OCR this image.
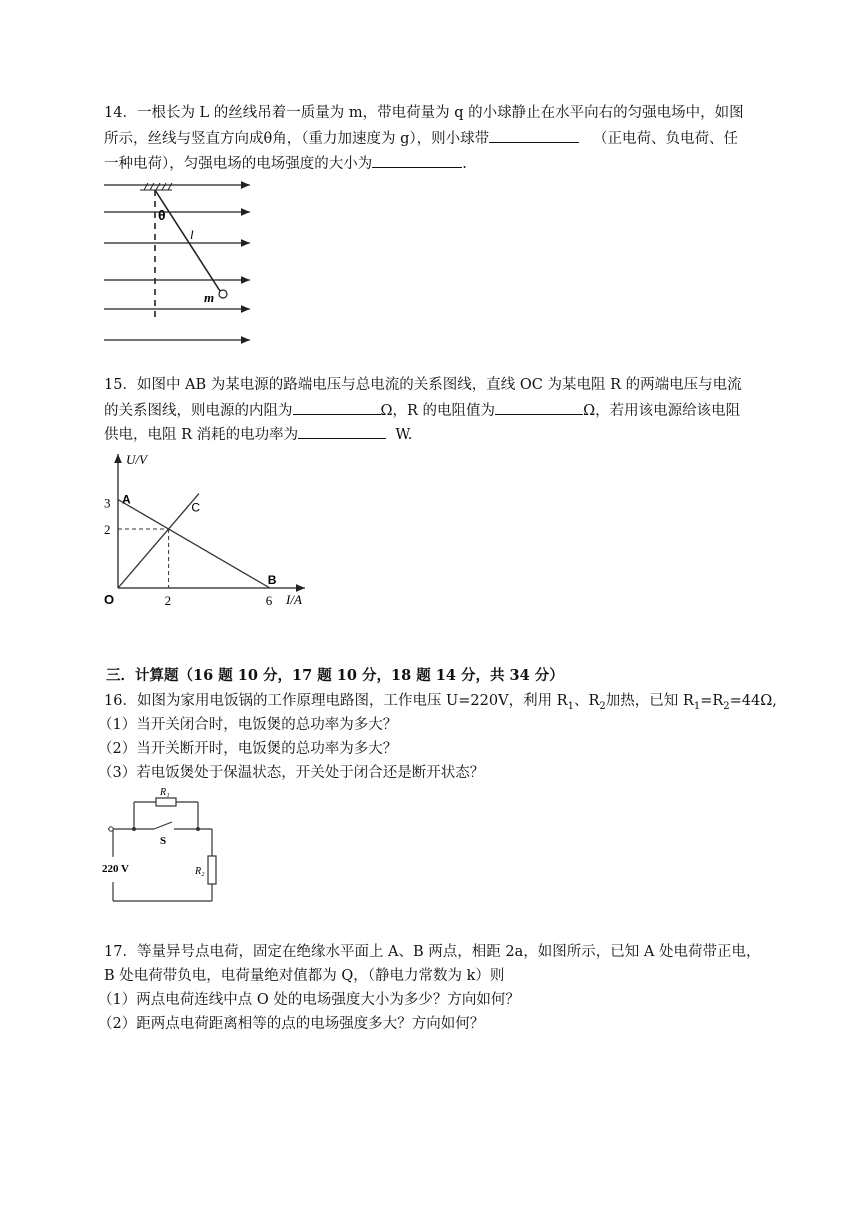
14．一根长为 L 的丝线吊着一质量为 m，带电荷量为 q 的小球静止在水平向右的匀强电场中，如图
所示，丝线与竖直方向成θ角，（重力加速度为 g），则小球带	（正电荷、负电荷、任
一种电荷），匀强电场的电场强度的大小为	.
θ
l
m
15．如图中 AB 为某电源的路端电压与总电流的关系图线，直线 OC 为某电阻 R 的两端电压与电流
的关系图线，则电源的内阻为	Ω，R 的电阻值为	Ω，若用该电源给该电阻
供电，电阻 R 消耗的电功率为	W.
2	6
2
3 A
B
C
U/V
I/A
O
三．计算题（16 题 10 分，17 题 10 分，18 题 14 分，共 34 分）
16．如图为家用电饭锅的工作原理电路图，工作电压 U=220V，利用 $R_1$、$R_2$加热，已知 $R_1=R_2=44\Omega$,
（1）当开关闭合时，电饭煲的总功率为多大？
（2）当开关断开时，电饭煲的总功率为多大？
（3）若电饭煲处于保温状态，开关处于闭合还是断开状态？
R₁
S
R₂
220 V
17．等量异号点电荷，固定在绝缘水平面上 A、B 两点，相距 2a，如图所示，已知 A 处电荷带正电，
B 处电荷带负电，电荷量绝对值都为 Q，（静电力常数为 k）则
（1）两点电荷连线中点 O 处的电场强度大小为多少？方向如何？
（2）距两点电荷距离相等的点的电场强度多大？方向如何？
